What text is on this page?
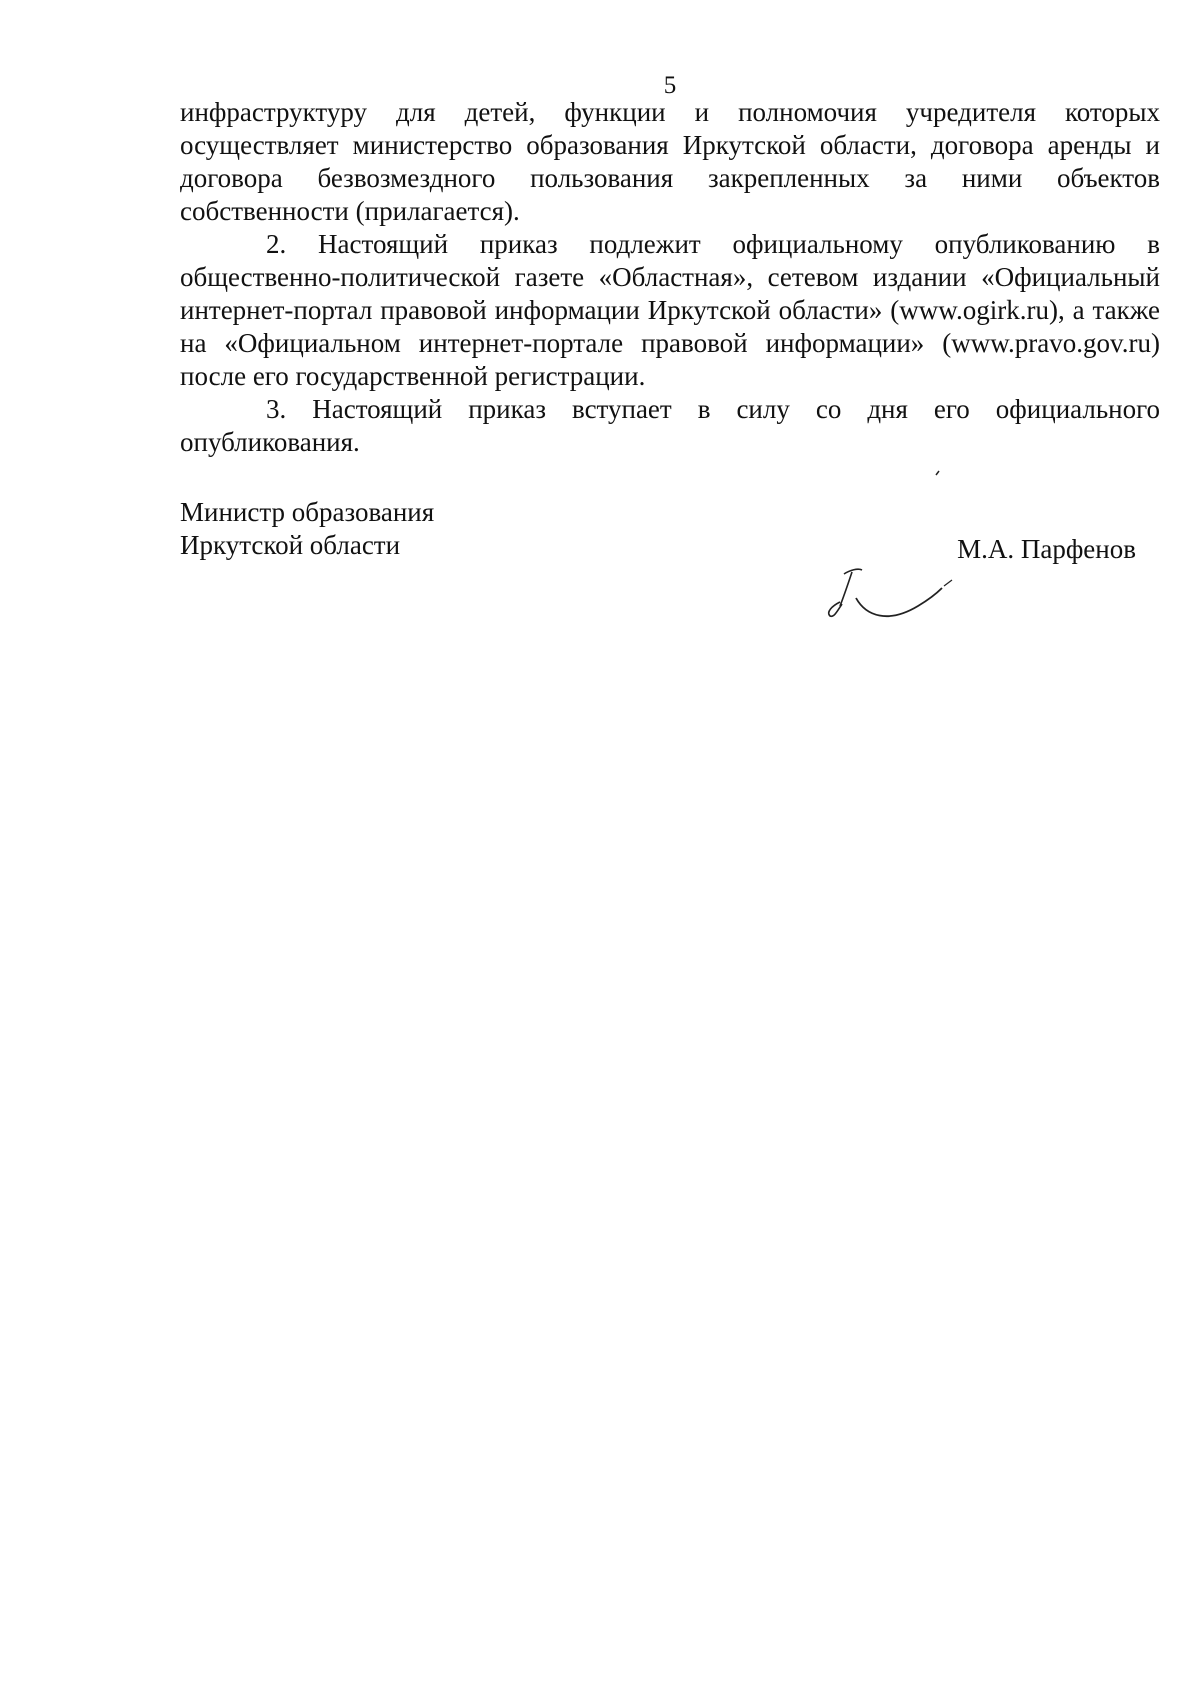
5

инфраструктуру для детей, функции и полномочия учредителя которых осуществляет министерство образования Иркутской области, договора аренды и договора безвозмездного пользования закрепленных за ними объектов собственности (прилагается).

2. Настоящий приказ подлежит официальному опубликованию в общественно-политической газете «Областная», сетевом издании «Официальный интернет-портал правовой информации Иркутской области» (www.ogirk.ru), а также на «Официальном интернет-портале правовой информации» (www.pravo.gov.ru) после его государственной регистрации.

3. Настоящий приказ вступает в силу со дня его официального опубликования.

Министр образования
Иркутской области	М.А. Парфенов
